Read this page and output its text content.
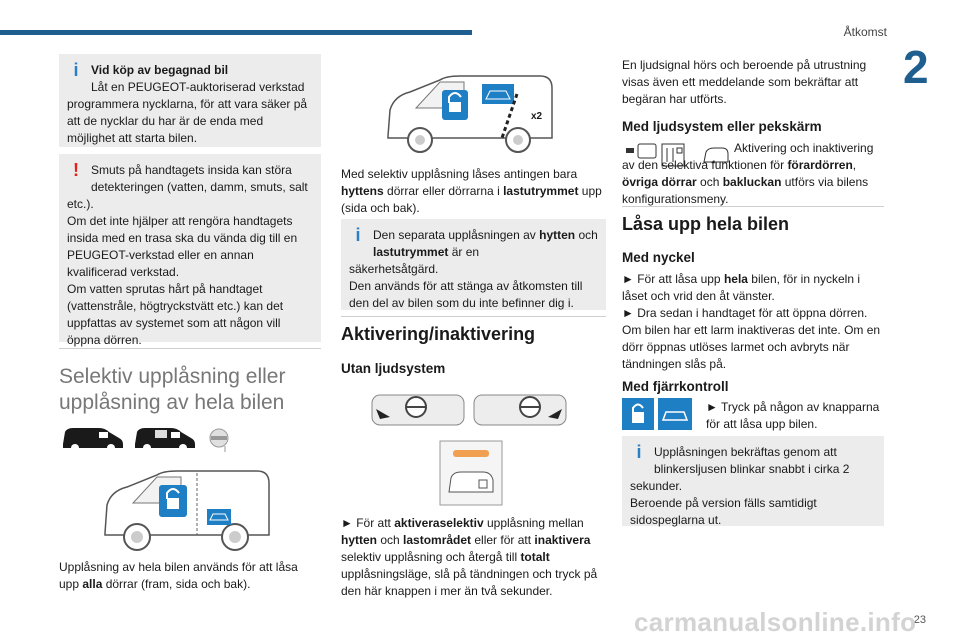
Åtkomst
2
23
carmanualsonline.info
i	Vid köp av begagnad bil

Låt en PEUGEOT-auktoriserad verkstad

programmera nycklarna, för att vara säker på att de nycklar du har är de enda med möjlighet att starta bilen.

!	Smuts på handtagets insida kan störa detekteringen (vatten, damm, smuts, salt

etc.).

Om det inte hjälper att rengöra handtagets insida med en trasa ska du vända dig till en PEUGEOT-verkstad eller en annan kvalificerad verkstad.

Om vatten sprutas hårt på handtaget (vattenstråle, högtryckstvätt etc.) kan det uppfattas av systemet som att någon vill öppna dörren.

Selektiv upplåsning eller upplåsning av hela bilen
Upplåsning av hela bilen används för att låsa upp alla dörrar (fram, sida och bak).
x2
Med selektiv upplåsning låses antingen bara hyttens dörrar eller dörrarna i lastutrymmet upp (sida och bak).
i	Den separata upplåsningen av hytten och lastutrymmet är en

säkerhetsåtgärd.

Den används för att stänga av åtkomsten till den del av bilen som du inte befinner dig i.

Aktivering/inaktivering
Utan ljudsystem
► För att aktiveraselektiv upplåsning mellan hytten och lastområdet eller för att inaktivera selektiv upplåsning och återgå till totalt upplåsningsläge, slå på tändningen och tryck på den här knappen i mer än två sekunder.
En ljudsignal hörs och beroende på utrustning visas även ett meddelande som bekräftar att begäran har utförts.
Med ljudsystem eller pekskärm
Aktivering och inaktivering av den selektiva funktionen för förardörren, övriga dörrar och bakluckan utförs via bilens konfigurationsmeny.
Låsa upp hela bilen
Med nyckel

► För att låsa upp hela bilen, för in nyckeln i låset och vrid den åt vänster.

► Dra sedan i handtaget för att öppna dörren.

Om bilen har ett larm inaktiveras det inte. Om en dörr öppnas utlöses larmet och avbryts när tändningen slås på.

Med fjärrkontroll
► Tryck på någon av knapparna för att låsa upp bilen.
i	Upplåsningen bekräftas genom att blinkersljusen blinkar snabbt i cirka 2

sekunder.

Beroende på version fälls samtidigt sidospeglarna ut.
